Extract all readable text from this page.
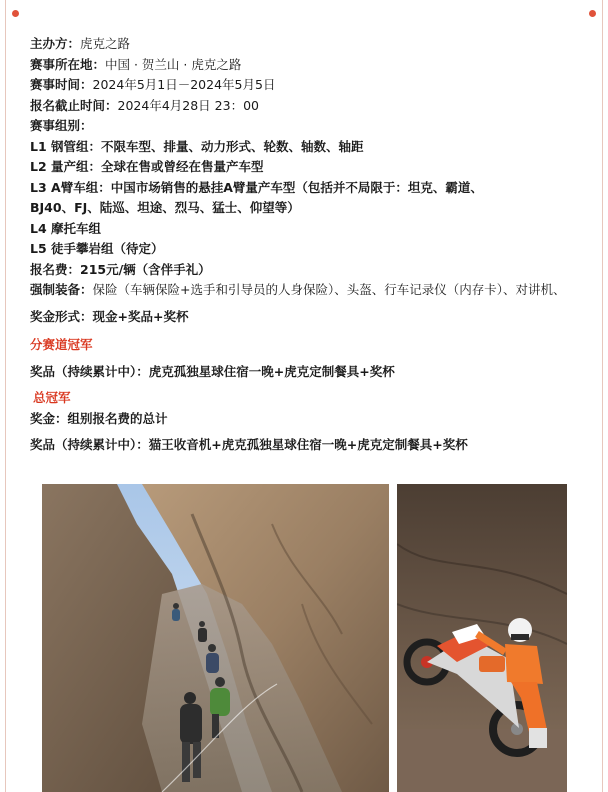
主办方：虎克之路
赛事所在地：中国 · 贺兰山 · 虎克之路
赛事时间：2024年5月1日－2024年5月5日
报名截止时间：2024年4月28日 23：00
赛事组别：
L1 钢管组：不限车型、排量、动力形式、轮数、轴数、轴距
L2 量产组：全球在售或曾经在售量产车型
L3 A臂车组：中国市场销售的悬挂A臂量产车型（包括并不局限于：坦克、霸道、
BJ40、FJ、陆巡、坦途、烈马、猛士、仰望等）
L4 摩托车组
L5 徒手攀岩组（待定）
报名费：215元/辆（含伴手礼）
强制装备：保险（车辆保险+选手和引导员的人身保险）、头盔、行车记录仪（内存卡）、对讲机、
奖金形式：现金+奖品+奖杯
分赛道冠军
奖品（持续累计中）：虎克孤独星球住宿一晚+虎克定制餐具+奖杯
总冠军
奖金：组别报名费的总计
奖品（持续累计中）：猫王收音机+虎克孤独星球住宿一晚+虎克定制餐具+奖杯
